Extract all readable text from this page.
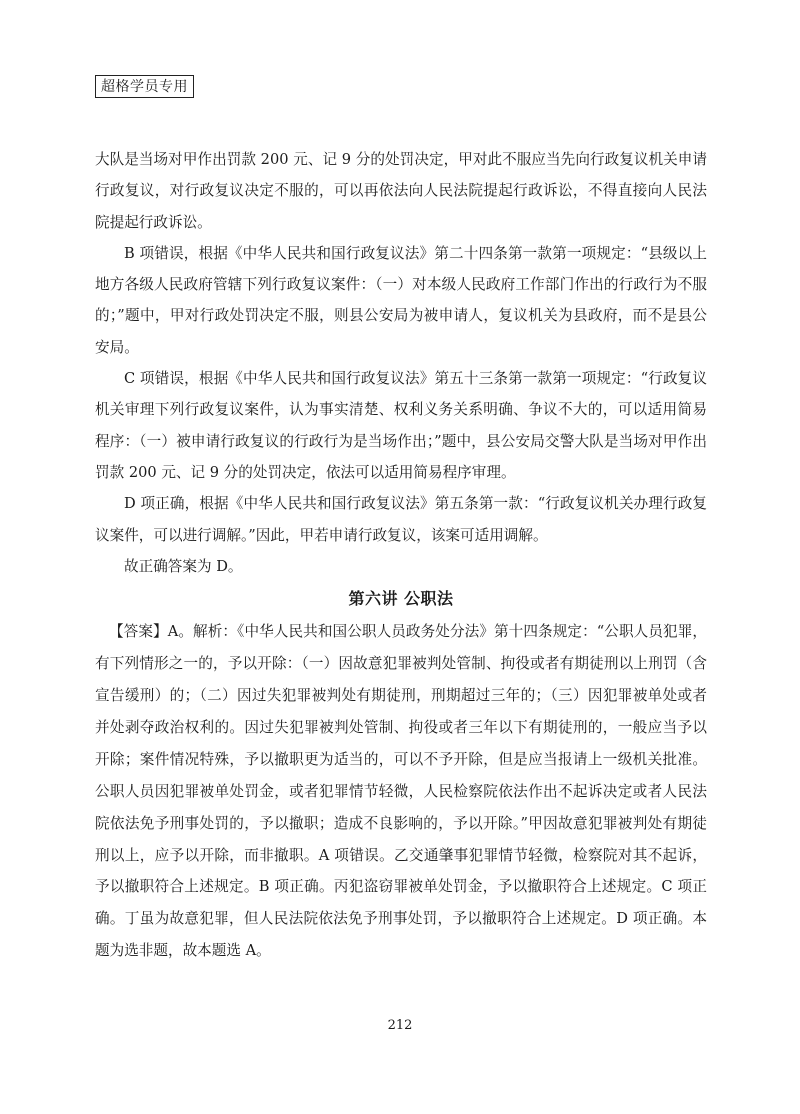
超格学员专用

大队是当场对甲作出罚款 200 元、记 9 分的处罚决定，甲对此不服应当先向行政复议机关申请行政复议，对行政复议决定不服的，可以再依法向人民法院提起行政诉讼，不得直接向人民法院提起行政诉讼。

B 项错误，根据《中华人民共和国行政复议法》第二十四条第一款第一项规定：“县级以上地方各级人民政府管辖下列行政复议案件：（一）对本级人民政府工作部门作出的行政行为不服的；”题中，甲对行政处罚决定不服，则县公安局为被申请人，复议机关为县政府，而不是县公安局。

C 项错误，根据《中华人民共和国行政复议法》第五十三条第一款第一项规定：“行政复议机关审理下列行政复议案件，认为事实清楚、权利义务关系明确、争议不大的，可以适用简易程序：（一）被申请行政复议的行政行为是当场作出；”题中，县公安局交警大队是当场对甲作出罚款 200 元、记 9 分的处罚决定，依法可以适用简易程序审理。

D 项正确，根据《中华人民共和国行政复议法》第五条第一款：“行政复议机关办理行政复议案件，可以进行调解。”因此，甲若申请行政复议，该案可适用调解。

故正确答案为 D。

第六讲 公职法

【答案】A。解析：《中华人民共和国公职人员政务处分法》第十四条规定：“公职人员犯罪，有下列情形之一的，予以开除：（一）因故意犯罪被判处管制、拘役或者有期徒刑以上刑罚（含宣告缓刑）的；（二）因过失犯罪被判处有期徒刑，刑期超过三年的；（三）因犯罪被单处或者并处剥夺政治权利的。因过失犯罪被判处管制、拘役或者三年以下有期徒刑的，一般应当予以开除；案件情况特殊，予以撤职更为适当的，可以不予开除，但是应当报请上一级机关批准。公职人员因犯罪被单处罚金，或者犯罪情节轻微，人民检察院依法作出不起诉决定或者人民法院依法免予刑事处罚的，予以撤职；造成不良影响的，予以开除。”甲因故意犯罪被判处有期徒刑以上，应予以开除，而非撤职。A 项错误。乙交通肇事犯罪情节轻微，检察院对其不起诉，予以撤职符合上述规定。B 项正确。丙犯盗窃罪被单处罚金，予以撤职符合上述规定。C 项正确。丁虽为故意犯罪，但人民法院依法免予刑事处罚，予以撤职符合上述规定。D 项正确。本题为选非题，故本题选 A。

212
